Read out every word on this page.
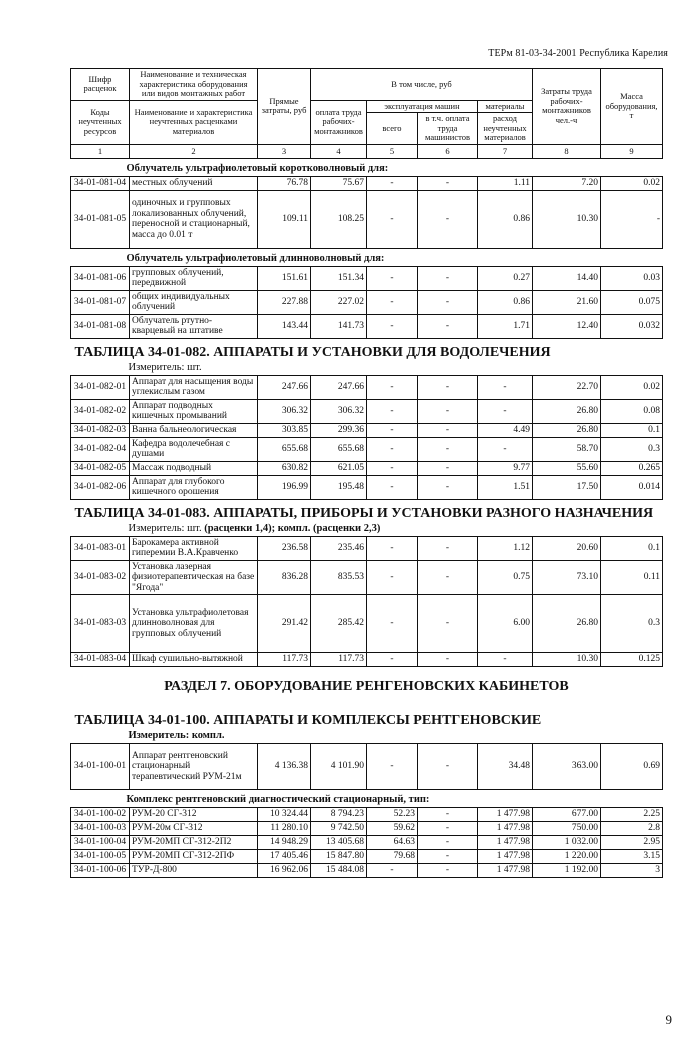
ТЕРм 81-03-34-2001 Республика Карелия
Шифр расценок	Наименование и техническая характеристика оборудования или видов монтажных работ	Прямые затраты, руб	В том числе, руб				Затраты труда рабочих-монтажников чел.-ч	Масса оборудования, т
Коды неучтенных ресурсов	Наименование и характеристика неучтенных расценками материалов		оплата труда рабочих-монтажников	эксплуатация машин		материалы		
				всего	в т.ч. оплата труда машинистов	расход неучтенных материалов		

1	2	3	4	5	6	7	8	9
Облучатель ультрафиолетовый коротковолновый для:								
34-01-081-04	местных облучений	76.78	75.67	-	-	1.11	7.20	0.02
34-01-081-05	одиночных и групповых локализованных облучений, переносной и стационарный, масса до 0.01 т	109.11	108.25	-	-	0.86	10.30	-
Облучатель ультрафиолетовый длинноволновый для:								
34-01-081-06	групповых облучений, передвижной	151.61	151.34	-	-	0.27	14.40	0.03
34-01-081-07	общих индивидуальных облучений	227.88	227.02	-	-	0.86	21.60	0.075
34-01-081-08	Облучатель ртутно-кварцевый на штативе	143.44	141.73	-	-	1.71	12.40	0.032
ТАБЛИЦА 34-01-082. АППАРАТЫ И УСТАНОВКИ ДЛЯ ВОДОЛЕЧЕНИЯ								
Измеритель: шт.								
34-01-082-01	Аппарат для насыщения воды углекислым газом	247.66	247.66	-	-	-	22.70	0.02
34-01-082-02	Аппарат подводных кишечных промываний	306.32	306.32	-	-	-	26.80	0.08
34-01-082-03	Ванна бальнеологическая	303.85	299.36	-	-	4.49	26.80	0.1
34-01-082-04	Кафедра водолечебная с душами	655.68	655.68	-	-	-	58.70	0.3
34-01-082-05	Массаж подводный	630.82	621.05	-	-	9.77	55.60	0.265
34-01-082-06	Аппарат для глубокого кишечного орошения	196.99	195.48	-	-	1.51	17.50	0.014
ТАБЛИЦА 34-01-083. АППАРАТЫ, ПРИБОРЫ И УСТАНОВКИ РАЗНОГО НАЗНАЧЕНИЯ								
Измеритель: шт. (расценки 1,4); компл. (расценки 2,3)								
34-01-083-01	Барокамера активной гиперемии В.А.Кравченко	236.58	235.46	-	-	1.12	20.60	0.1
34-01-083-02	Установка лазерная физиотерапевтическая на базе "Ягода"	836.28	835.53	-	-	0.75	73.10	0.11
34-01-083-03	Установка ультрафиолетовая длинноволновая для групповых облучений	291.42	285.42	-	-	6.00	26.80	0.3
34-01-083-04	Шкаф сушильно-вытяжной	117.73	117.73	-	-	-	10.30	0.125
РАЗДЕЛ 7. ОБОРУДОВАНИЕ РЕНГЕНОВСКИХ КАБИНЕТОВ								
ТАБЛИЦА 34-01-100. АППАРАТЫ И КОМПЛЕКСЫ РЕНТГЕНОВСКИЕ								
Измеритель: компл.								
34-01-100-01	Аппарат рентгеновский стационарный терапевтический РУМ-21м	4 136.38	4 101.90	-	-	34.48	363.00	0.69
Комплекс рентгеновский диагностический стационарный, тип:								
34-01-100-02	РУМ-20 СГ-312	10 324.44	8 794.23	52.23	-	1 477.98	677.00	2.25
34-01-100-03	РУМ-20м СГ-312	11 280.10	9 742.50	59.62	-	1 477.98	750.00	2.8
34-01-100-04	РУМ-20МП СГ-312-2П2	14 948.29	13 405.68	64.63	-	1 477.98	1 032.00	2.95
34-01-100-05	РУМ-20МП СГ-312-2ПФ	17 405.46	15 847.80	79.68	-	1 477.98	1 220.00	3.15
34-01-100-06	ТУР-Д-800	16 962.06	15 484.08	-	-	1 477.98	1 192.00	3
9
